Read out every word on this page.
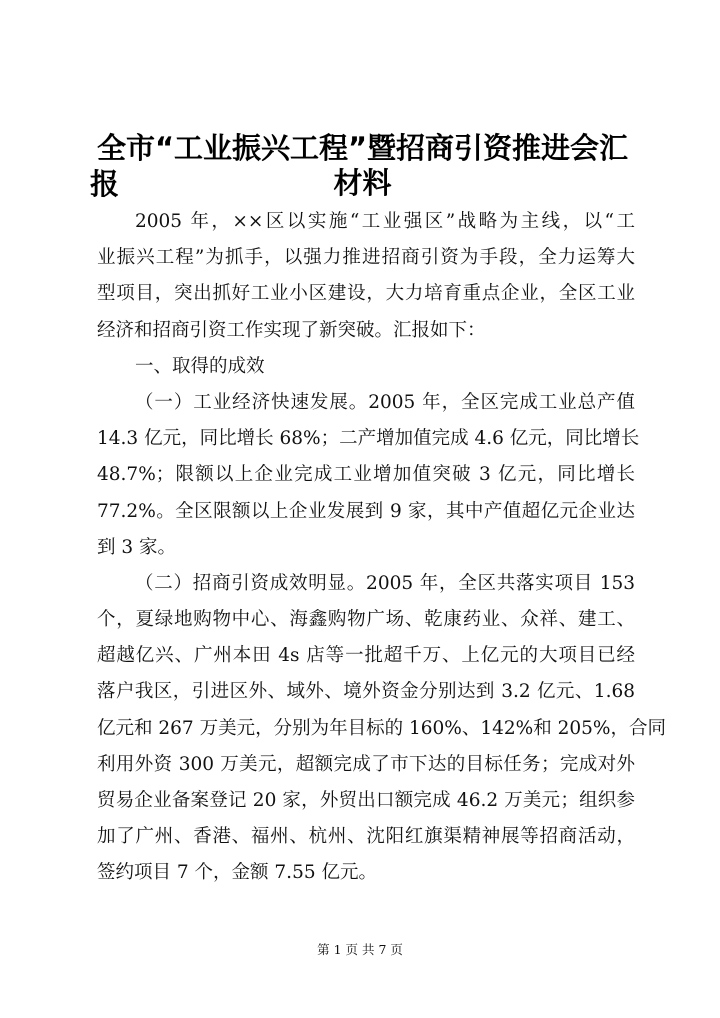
全市“工业振兴工程”暨招商引资推进会汇报	材料
2005 年，××区以实施“工业强区”战略为主线，以“工
业振兴工程”为抓手，以强力推进招商引资为手段，全力运筹大
型项目，突出抓好工业小区建设，大力培育重点企业，全区工业
经济和招商引资工作实现了新突破。汇报如下：
一、取得的成效
（一）工业经济快速发展。2005 年，全区完成工业总产值
14.3 亿元，同比增长 68%；二产增加值完成 4.6 亿元，同比增长
48.7%；限额以上企业完成工业增加值突破 3 亿元，同比增长
77.2%。全区限额以上企业发展到 9 家，其中产值超亿元企业达
到 3 家。
（二）招商引资成效明显。2005 年，全区共落实项目 153
个，夏绿地购物中心、海鑫购物广场、乾康药业、众祥、建工、
超越亿兴、广州本田 4s 店等一批超千万、上亿元的大项目已经
落户我区，引进区外、域外、境外资金分别达到 3.2 亿元、1.68
亿元和 267 万美元，分别为年目标的 160%、142%和 205%，合同
利用外资 300 万美元，超额完成了市下达的目标任务；完成对外
贸易企业备案登记 20 家，外贸出口额完成 46.2 万美元；组织参
加了广州、香港、福州、杭州、沈阳红旗渠精神展等招商活动，
签约项目 7 个，金额 7.55 亿元。
第 1 页 共 7 页
